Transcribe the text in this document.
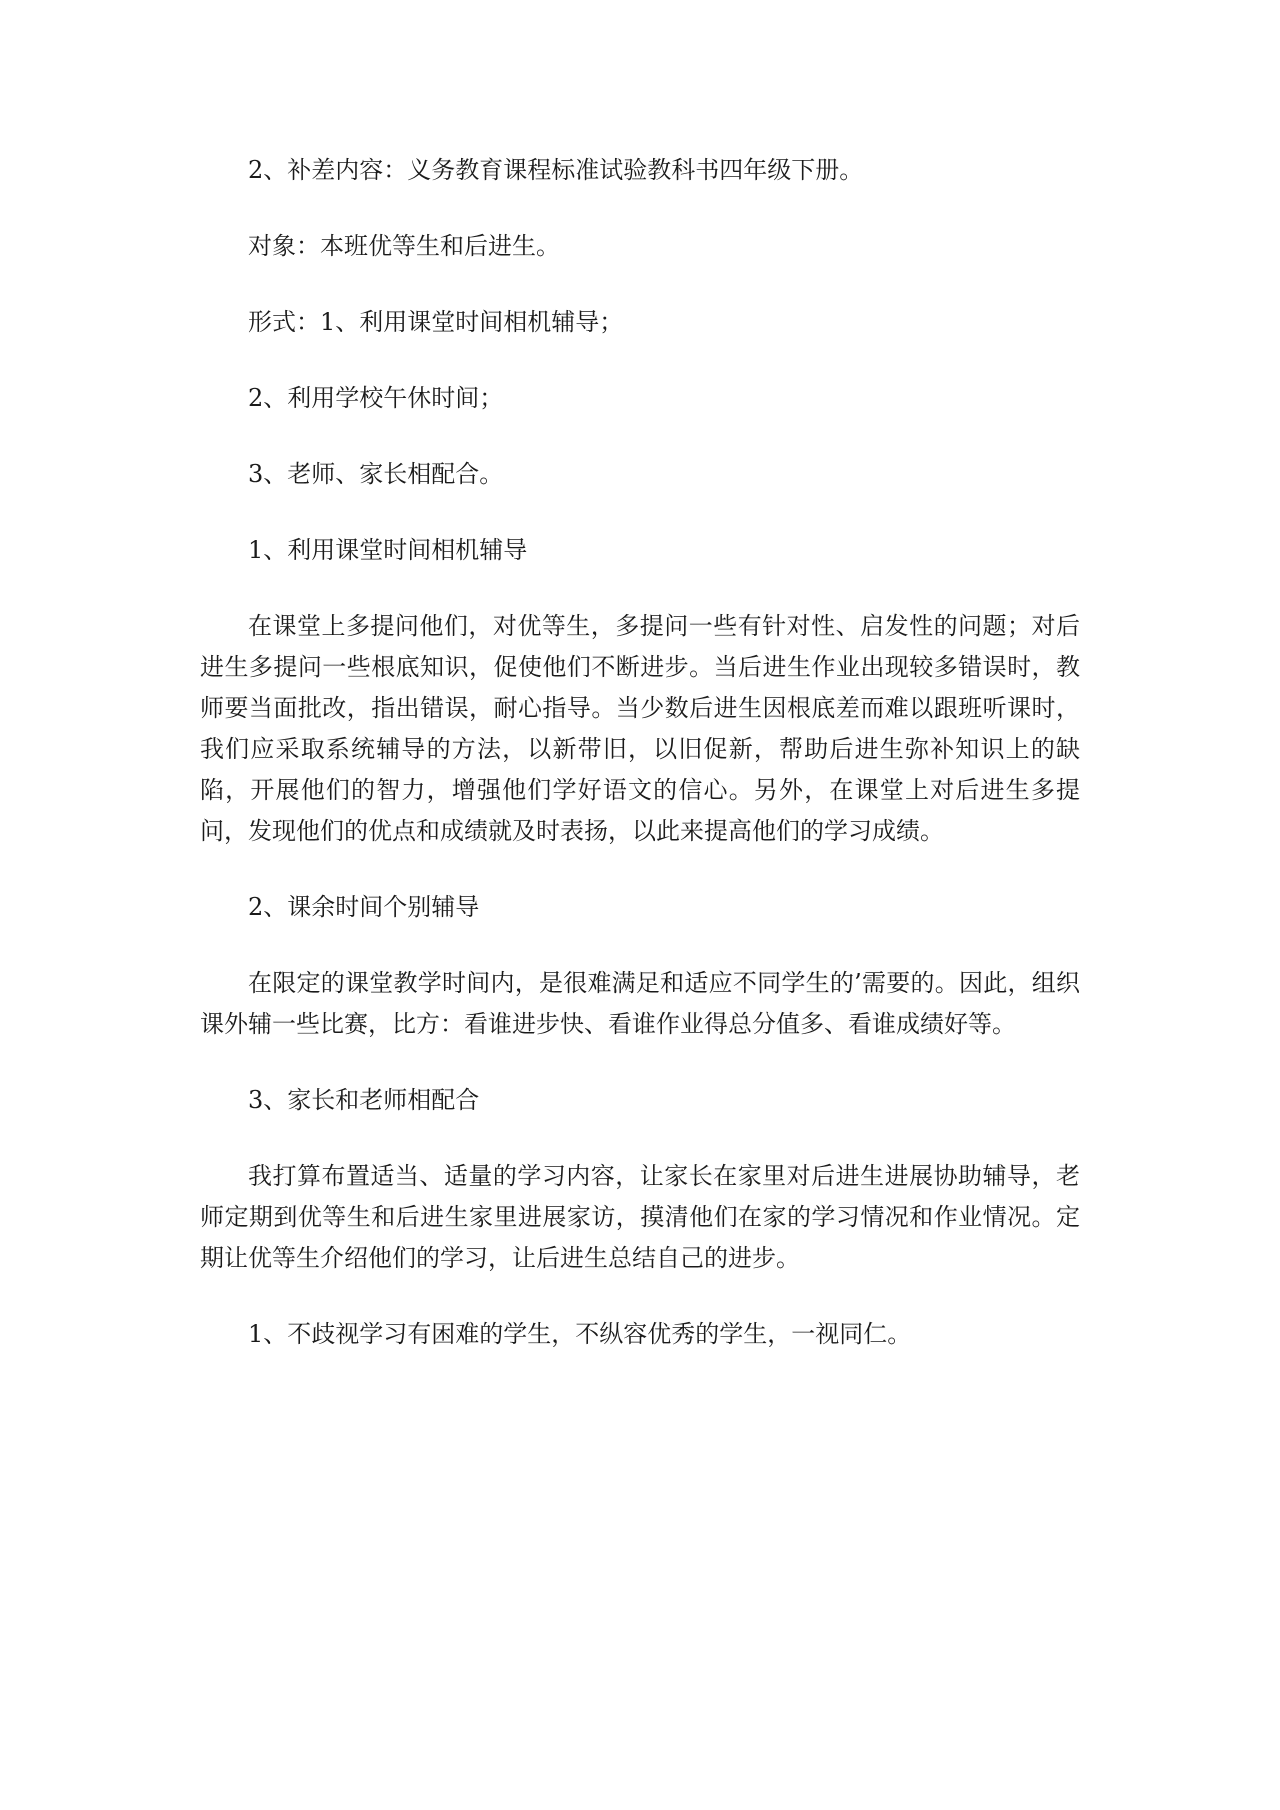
2、补差内容：义务教育课程标准试验教科书四年级下册。

对象：本班优等生和后进生。

形式：1、利用课堂时间相机辅导；

2、利用学校午休时间；

3、老师、家长相配合。

1、利用课堂时间相机辅导

在课堂上多提问他们，对优等生，多提问一些有针对性、启发性的问题；对后进生多提问一些根底知识，促使他们不断进步。当后进生作业出现较多错误时，教师要当面批改，指出错误，耐心指导。当少数后进生因根底差而难以跟班听课时，我们应采取系统辅导的方法，以新带旧，以旧促新，帮助后进生弥补知识上的缺陷，开展他们的智力，增强他们学好语文的信心。另外，在课堂上对后进生多提问，发现他们的优点和成绩就及时表扬，以此来提高他们的学习成绩。

2、课余时间个别辅导

在限定的课堂教学时间内，是很难满足和适应不同学生的’需要的。因此，组织课外辅一些比赛，比方：看谁进步快、看谁作业得总分值多、看谁成绩好等。

3、家长和老师相配合

我打算布置适当、适量的学习内容，让家长在家里对后进生进展协助辅导，老师定期到优等生和后进生家里进展家访，摸清他们在家的学习情况和作业情况。定期让优等生介绍他们的学习，让后进生总结自己的进步。

1、不歧视学习有困难的学生，不纵容优秀的学生，一视同仁。
